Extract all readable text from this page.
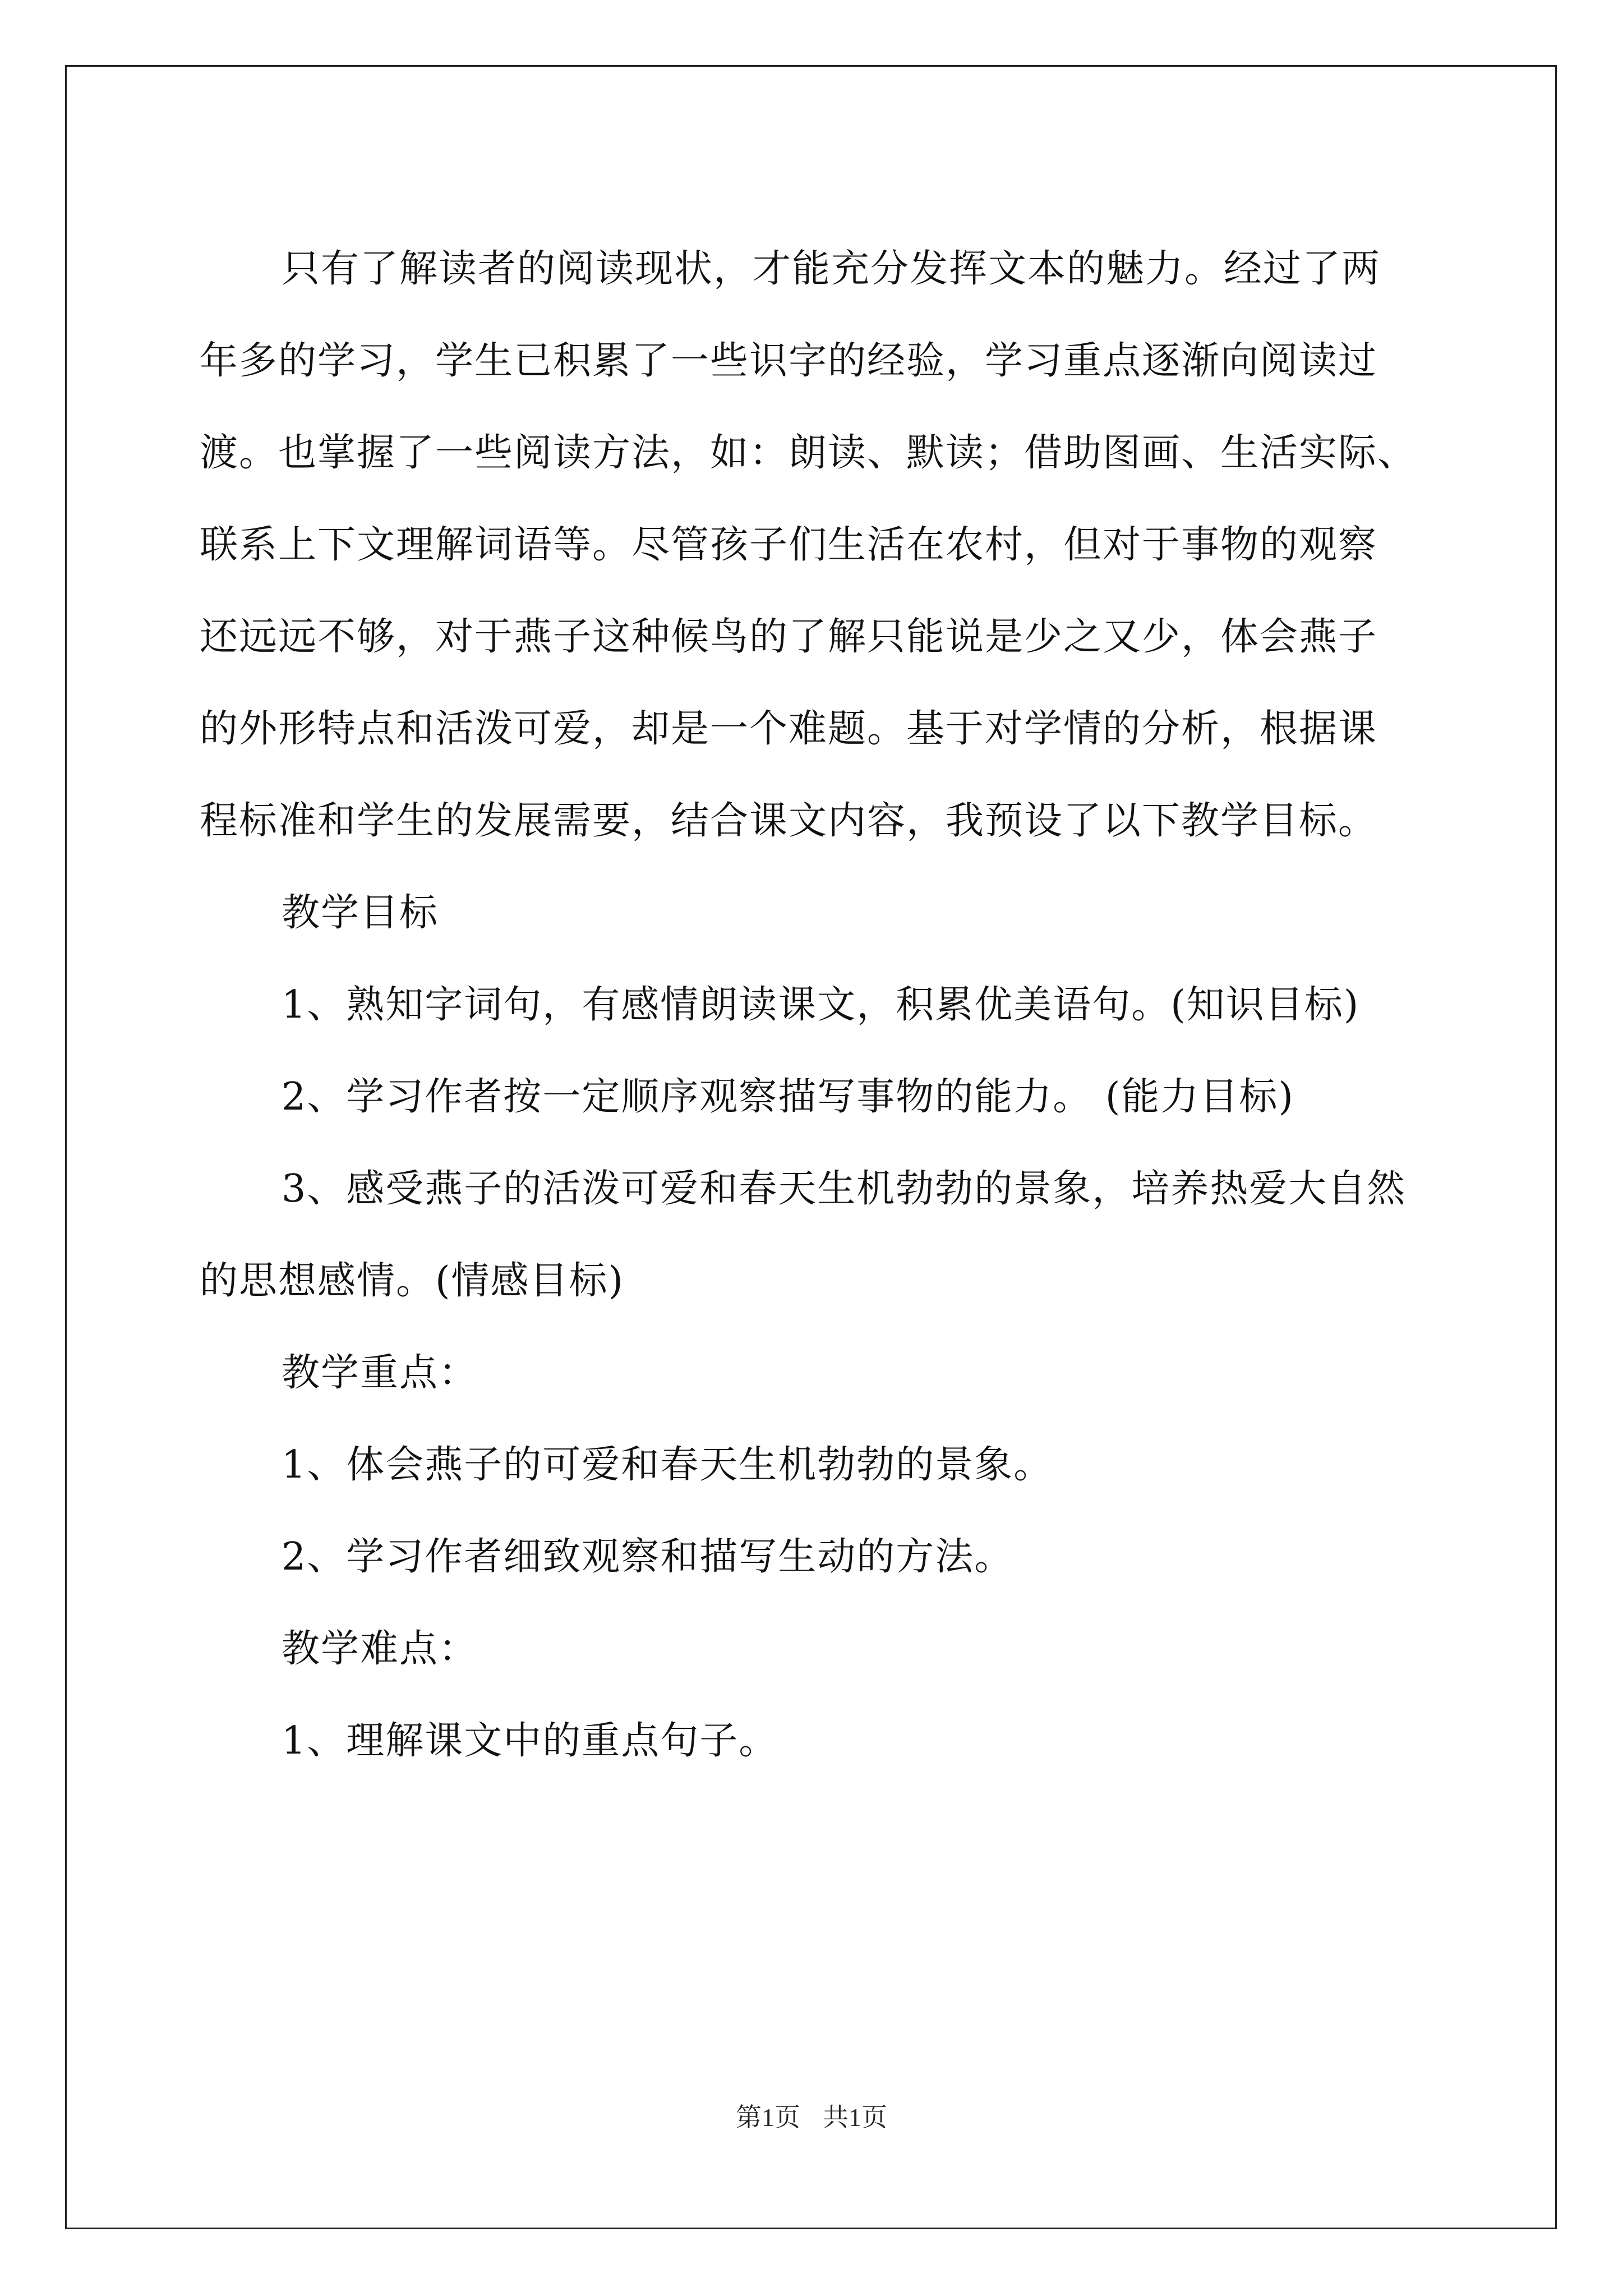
只有了解读者的阅读现状，才能充分发挥文本的魅力。经过了两

年多的学习，学生已积累了一些识字的经验，学习重点逐渐向阅读过

渡。也掌握了一些阅读方法，如：朗读、默读；借助图画、生活实际、

联系上下文理解词语等。尽管孩子们生活在农村，但对于事物的观察

还远远不够，对于燕子这种候鸟的了解只能说是少之又少，体会燕子

的外形特点和活泼可爱，却是一个难题。基于对学情的分析，根据课

程标准和学生的发展需要，结合课文内容，我预设了以下教学目标。

教学目标

1、熟知字词句，有感情朗读课文，积累优美语句。(知识目标)

2、学习作者按一定顺序观察描写事物的能力。 (能力目标)

3、感受燕子的活泼可爱和春天生机勃勃的景象，培养热爱大自然

的思想感情。(情感目标)

教学重点：

1、体会燕子的可爱和春天生机勃勃的景象。

2、学习作者细致观察和描写生动的方法。

教学难点：

1、理解课文中的重点句子。

第1页 共1页
